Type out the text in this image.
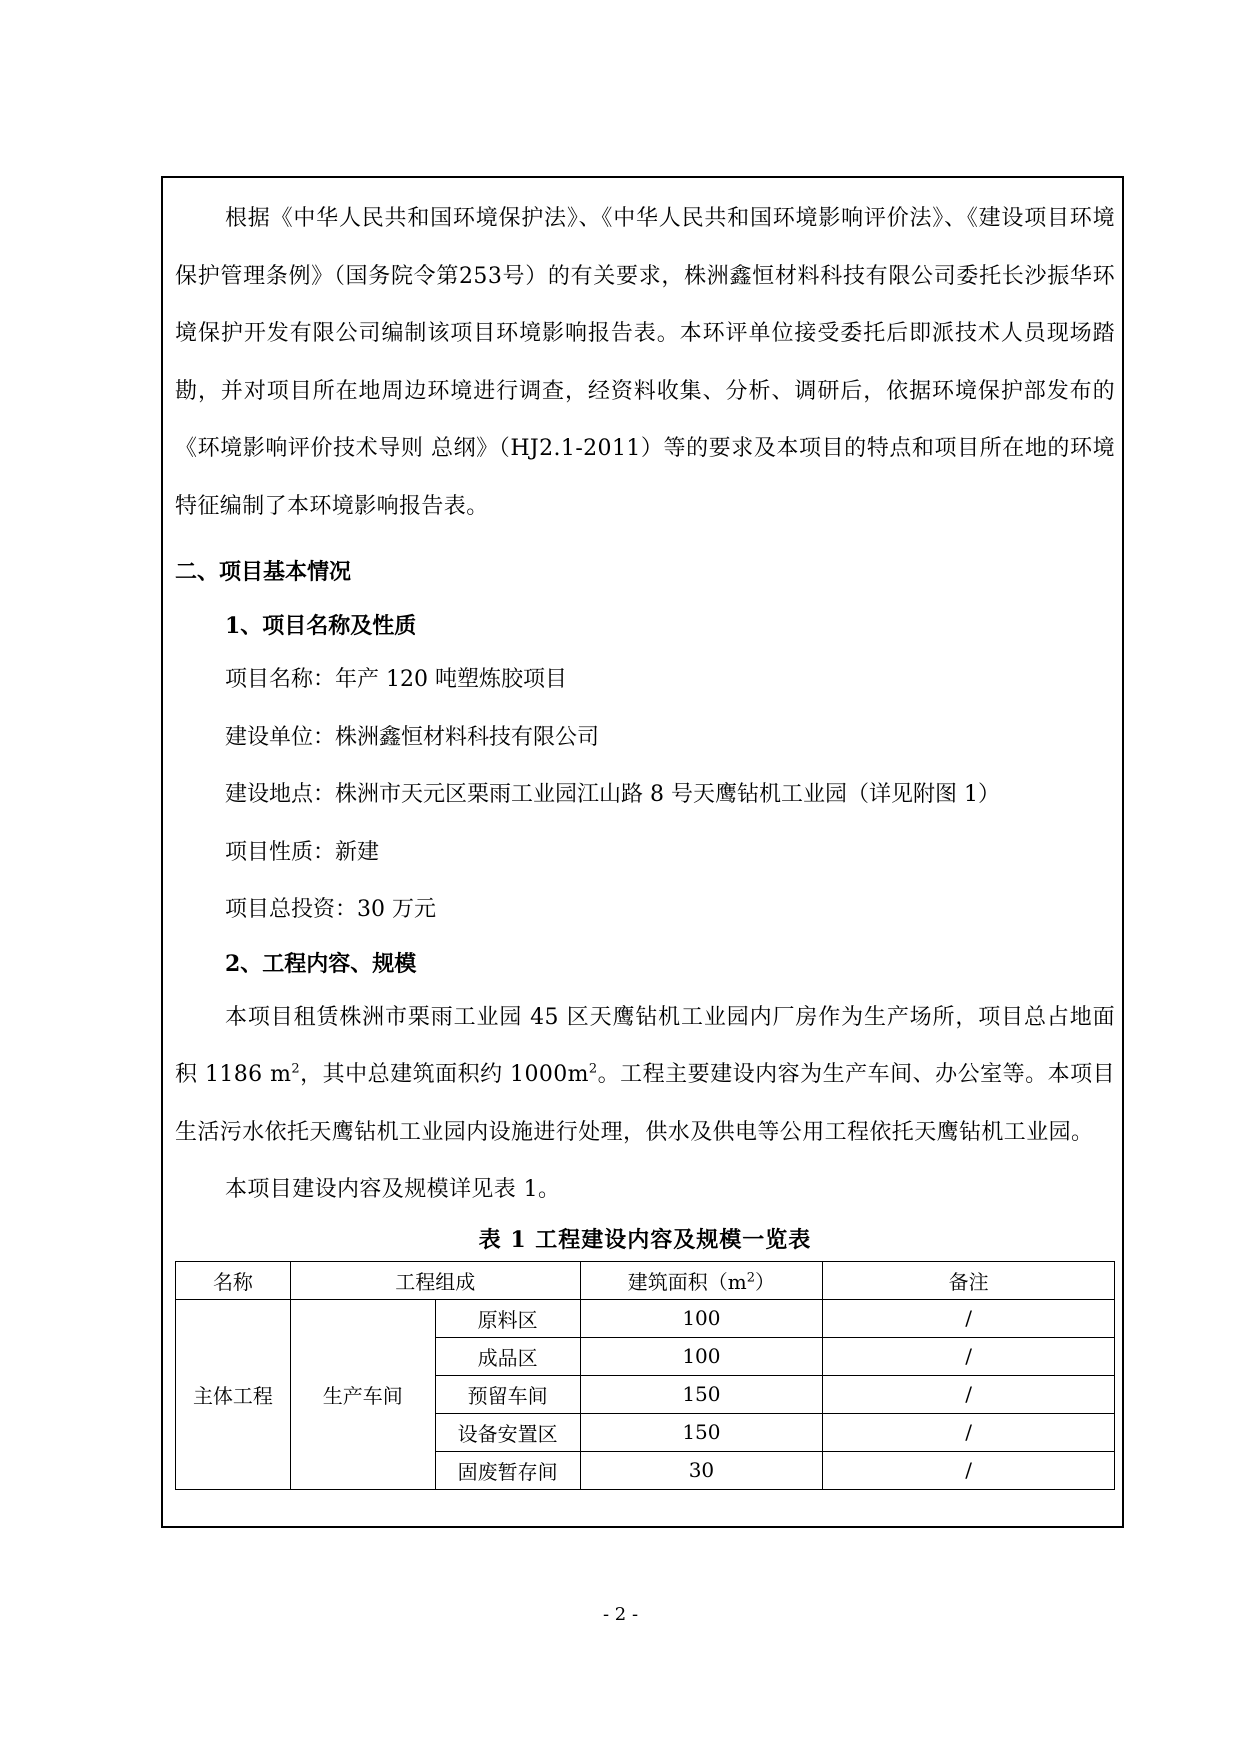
根据《中华人民共和国环境保护法》、《中华人民共和国环境影响评价法》、《建设项目环境保护管理条例》（国务院令第253号）的有关要求，株洲鑫恒材料科技有限公司委托长沙振华环境保护开发有限公司编制该项目环境影响报告表。本环评单位接受委托后即派技术人员现场踏勘，并对项目所在地周边环境进行调查，经资料收集、分析、调研后，依据环境保护部发布的《环境影响评价技术导则 总纲》（HJ2.1-2011）等的要求及本项目的特点和项目所在地的环境特征编制了本环境影响报告表。

二、项目基本情况
1、项目名称及性质
项目名称：年产 120 吨塑炼胶项目
建设单位：株洲鑫恒材料科技有限公司
建设地点：株洲市天元区栗雨工业园江山路 8 号天鹰钻机工业园（详见附图 1）
项目性质：新建
项目总投资：30 万元
2、工程内容、规模

本项目租赁株洲市栗雨工业园 45 区天鹰钻机工业园内厂房作为生产场所，项目总占地面积 1186 $m^2$，其中总建筑面积约 $1000m^2$。工程主要建设内容为生产车间、办公室等。本项目生活污水依托天鹰钻机工业园内设施进行处理，供水及供电等公用工程依托天鹰钻机工业园。

本项目建设内容及规模详见表 1。

表 1 工程建设内容及规模一览表
名称	工程组成		建筑面积$(m^2)$	备注
主体工程	生产车间	原料区	100	/
		成品区	100	/
		预留车间	150	/
		设备安置区	150	/
		固废暂存间	30	/
- 2 -
